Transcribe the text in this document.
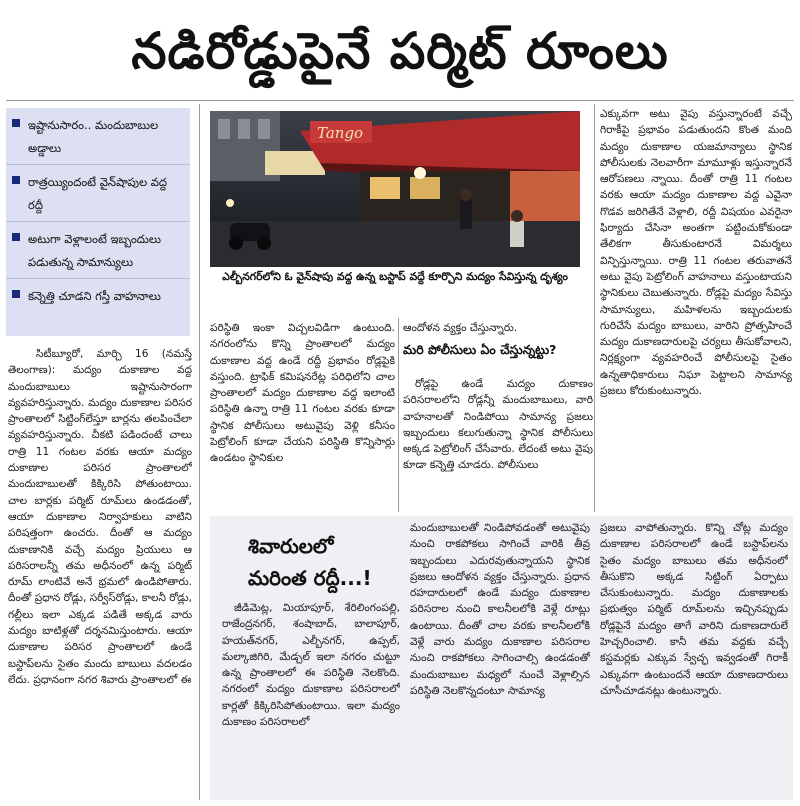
నడిరోడ్డుపైనే పర్మిట్ రూంలు
ఇష్టానుసారం.. మందుబాబుల అడ్డాలు
రాత్రయ్యిందంటే వైన్‌షాపుల వద్ద రద్దీ
అటుగా వెళ్లాలంటే ఇబ్బందులు పడుతున్న సామాన్యులు
కన్నెత్తి చూడని గస్తీ వాహనాలు

సిటీబ్యూరో, మార్చి 16 (నమస్తే తెలంగాణ): మద్యం దుకాణాల వద్ద మందుబాబులు ఇష్టానుసారంగా వ్యవహరిస్తున్నారు. మద్యం దుకాణాల పరిసర ప్రాంతాలలో సిట్టింగ్‌లేస్తూ బార్లను తలపించేలా వ్యవహరిస్తున్నారు. చీకటి పడిందంటే చాలు రాత్రి 11 గంటల వరకు ఆయా మద్యం దుకాణాల పరిసర ప్రాంతాలలో మందుబాబులతో కిక్కిరిసి పోతుంటాయి. చాల బార్లకు పర్మిట్ రూమ్‌లు ఉండడంతో, ఆయా దుకాణాల నిర్వాహకులు వాటిని పరిషత్తంగా ఉంచరు. దీంతో ఆ మద్యం దుకాణానికి వచ్చే మద్యం ప్రియులు ఆ పరిసరాలన్నీ తమ అధీనంలో ఉన్న పర్మిట్ రూమ్ లాంటివే అనే భ్రమలో ఉండిపోతారు. దీంతో ప్రధాన రోడ్లు, సర్వీస్‌రోడ్లు, కాలనీ రోడ్లు, గల్లీలు ఇలా ఎక్కడ పడితే అక్కడ వారు మద్యం బాటిళ్లతో దర్శనమిస్తుంటారు. ఆయా దుకాణాల పరిసర ప్రాంతాలలో ఉండే బస్టాప్‌లను సైతం మందు బాబులు వదలడం లేదు. ప్రధానంగా నగర శివారు ప్రాంతాలలో ఈ

Tango
ఎల్బీనగర్‌లోని ఓ వైన్‌షాపు వద్ద ఉన్న బస్టాప్ వద్దే కూర్చొని మద్యం సేవిస్తున్న దృశ్యం

పరిస్థితి ఇంకా విచ్చలవిడిగా ఉంటుంది. నగరంలోను కొన్ని ప్రాంతాలలో మద్యం దుకాణాల వద్ద ఉండే రద్దీ ప్రభావం రోడ్లపైకి వస్తుంది. ట్రాఫిక్ కమిషనరేట్ల పరిధిలోని చాల ప్రాంతాలలో మద్యం దుకాణాల వద్ద ఇలాంటి పరిస్థితి ఉన్నా రాత్రి 11 గంటల వరకు కూడా స్థానిక పోలీసులు అటువైపు వెళ్లి కనీసం పెట్రోలింగ్ కూడా చేయని పరిస్థితి కొన్నిసార్లు ఉండటం స్థానికుల

ఆందోళన వ్యక్తం చేస్తున్నారు.

మరి పోలీసులు ఏం చేస్తున్నట్టు?

రోడ్లపై ఉండే మద్యం దుకాణం పరిసరాలలోని రోడ్లన్నీ మందుబాబులు, వారి వాహనాలతో నిండిపోయి సామాన్య ప్రజలు ఇబ్బందులు కలుగుతున్నా స్థానిక పోలీసులు అక్కడ పెట్రోలింగ్ చేసేవారు. లేదంటే అటు వైపు కూడా కన్నెత్తి చూడరు. పోలీసులు

ఎక్కువగా అటు వైపు వస్తున్నారంటే వచ్చే గిరాకీపై ప్రభావం పడుతుందని కొంత మంది మద్యం దుకాణాల యజమాన్యాలు స్థానిక పోలీసులకు నెలవారీగా మామూళ్లు ఇస్తున్నారనే ఆరోపణలు న్నాయి. దీంతో రాత్రి 11 గంటల వరకు ఆయా మద్యం దుకాణాల వద్ద ఎవైనా గొడవ జరిగితేనే వెళ్లాలి, రద్దీ విషయం ఎవరైనా ఫిర్యాదు చేసినా అంతగా పట్టించుకోకుండా తేలికగా తీసుకుంటారనే విమర్శలు విన్పిస్తున్నాయి. రాత్రి 11 గంటల తరువాతనే అటు వైపు పెట్రోలింగ్ వాహనాలు వస్తుంటాయని స్థానికులు చెబుతున్నారు. రోడ్లపై మద్యం సేవిస్తు సామాన్యులు, మహిళలను ఇబ్బందులకు గురిచేసే మద్యం బాబులు, వారిని ప్రోత్సహించే మద్యం దుకాణదారులపై చర్యలు తీసుకోవాలని, నిర్లక్ష్యంగా వ్యవహరించే పోలీసులపై సైతం ఉన్నతాధికారులు నిఘా పెట్టాలని సామాన్య ప్రజలు కోరుకుంటున్నారు.

శివారులలో మరింత రద్దీ...!

జీడిమెట్ల, మియాపూర్, శేరిలింగంపల్లి, రాజేంద్రనగర్, శంషాబాద్, బాలాపూర్, హయత్‌నగర్, ఎల్బీనగర్, ఉప్పల్, మల్కాజిగిరి, మేడ్చల్ ఇలా నగరం చుట్టూ ఉన్న ప్రాంతాలలో ఈ పరిస్థితి నెలకొంది. నగరంలో మద్యం దుకాణాల పరిసరాలలో కార్లతో కిక్కిరిసిపోతుంటాయి. ఇలా మద్యం దుకాణం పరిసరాలలో

మందుబాబులతో నిండిపోవడంతో అటువైపు నుంచి రాకపోకలు సాగించే వారికి తీవ్ర ఇబ్బందులు ఎదురవుతున్నాయని స్థానిక ప్రజలు ఆందోళన వ్యక్తం చేస్తున్నారు. ప్రధాన రహదారులలో ఉండే మద్యం దుకాణాల పరిసరాల నుంచి కాలనీలలోకి వెళ్లే రూట్లు ఉంటాయి. దీంతో చాల వరకు కాలనీలలోకి వెళ్లే వారు మద్యం దుకాణాల పరిసరాల నుంచి రాకపోకలు సాగించాల్సి ఉండడంతో మందుబాబుల మధ్యలో నుంచే వెళ్లాల్సిన పరిస్థితి నెలకొన్నదంటూ సామాన్య

ప్రజలు వాపోతున్నారు. కొన్ని చోట్ల మద్యం దుకాణాల పరిసరాలలో ఉండే బస్టాప్‌లను సైతం మద్యం బాబులు తమ అధీనంలో తీసుకొని అక్కడ సిట్టింగ్ ఏర్పాటు చేసుకుంటున్నారు. మద్యం దుకాణాలకు ప్రభుత్వం పర్మిట్ రూమ్‌లను ఇచ్చినప్పుడు రోడ్లపైనే మద్యం తాగే వారిని దుకాణదారులే హెచ్చరించాలి. కానీ తమ వద్దకు వచ్చే కస్టమర్లకు ఎక్కువ స్వేచ్ఛ ఇవ్వడంతో గిరాకీ ఎక్కువగా ఉంటుందనే ఆయా దుకాణదారులు చూసీచూడనట్లు ఉంటున్నారు.
